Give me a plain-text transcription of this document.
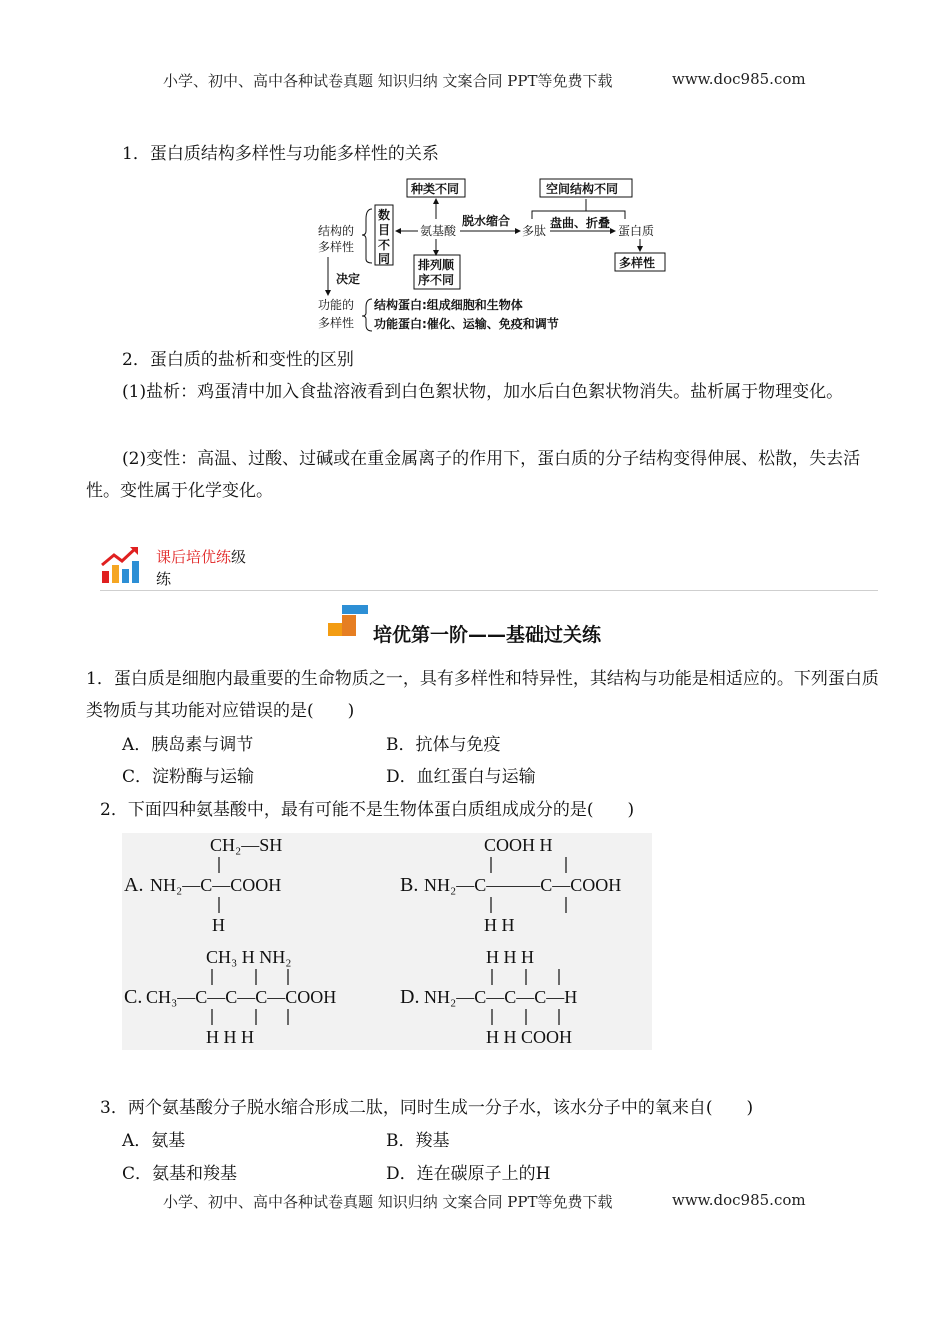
小学、初中、高中各种试卷真题 知识归纳 文案合同 PPT等免费下载	www.doc985.com
1．蛋白质结构多样性与功能多样性的关系
种类不同	空间结构不同
数
目
不
同
结构的
多样性
氨基酸
脱水缩合
多肽
盘曲、折叠
蛋白质
多样性
排列顺
序不同
决定
功能的
多样性
结构蛋白:组成细胞和生物体
功能蛋白:催化、运输、免疫和调节
2．蛋白质的盐析和变性的区别
(1)盐析：鸡蛋清中加入食盐溶液看到白色絮状物，加水后白色絮状物消失。盐析属于物理变化。
(2)变性：高温、过酸、过碱或在重金属离子的作用下，蛋白质的分子结构变得伸展、松散，失去活性。变性属于化学变化。
课后培优练级
练
培优第一阶——基础过关练
1．蛋白质是细胞内最重要的生命物质之一，具有多样性和特异性，其结构与功能是相适应的。下列蛋白质类物质与其功能对应错误的是(　　)
A．胰岛素与调节	B．抗体与免疫
C．淀粉酶与运输	D．血红蛋白与运输
2．下面四种氨基酸中，最有可能不是生物体蛋白质组成成分的是(　　)
CH₂—SH
A. NH₂—C—COOH
H
COOH H
B. NH₂—C———C—COOH
H H
CH₃ H NH₂
C. CH₃—C—C—C—COOH
H H H
H H H
D. NH₂—C—C—C—H
H H COOH
3．两个氨基酸分子脱水缩合形成二肽，同时生成一分子水，该水分子中的氧来自(　　)
A．氨基	B．羧基
C．氨基和羧基	D．连在碳原子上的H
小学、初中、高中各种试卷真题 知识归纳 文案合同 PPT等免费下载	www.doc985.com
